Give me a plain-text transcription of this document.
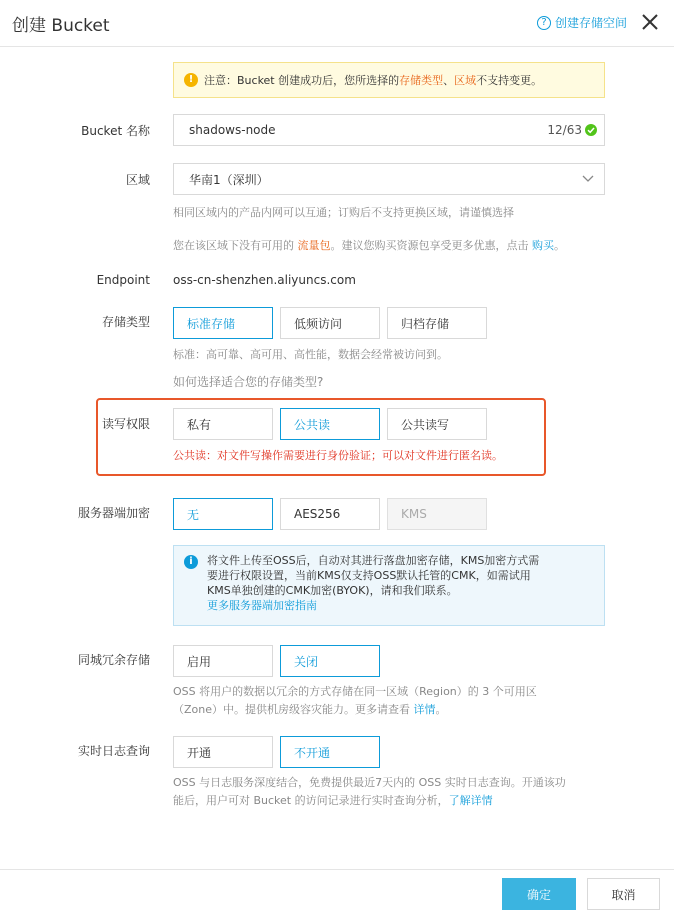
创建 Bucket	? 创建存储空间
! 注意：Bucket 创建成功后，您所选择的 存储类型 、 区域 不支持变更。
Bucket 名称	shadows-node	12/63
区域	华南1（深圳）
相同区域内的产品内网可以互通；订购后不支持更换区域，请谨慎选择
您在该区域下没有可用的 流量包。建议您购买资源包享受更多优惠，点击 购买。
Endpoint oss-cn-shenzhen.aliyuncs.com
存储类型	标准存储	低频访问	归档存储
标准：高可靠、高可用、高性能，数据会经常被访问到。
如何选择适合您的存储类型?
读写权限	私有	公共读	公共读写
公共读：对文件写操作需要进行身份验证；可以对文件进行匿名读。
服务器端加密	无	AES256	KMS
i	将文件上传至OSS后，自动对其进行落盘加密存储，KMS加密方式需
要进行权限设置，当前KMS仅支持OSS默认托管的CMK，如需试用
KMS单独创建的CMK加密(BYOK)，请和我们联系。
更多服务器端加密指南
同城冗余存储	启用	关闭
OSS 将用户的数据以冗余的方式存储在同一区域（Region）的 3 个可用区
（Zone）中。提供机房级容灾能力。更多请查看 详情。
实时日志查询	开通	不开通
OSS 与日志服务深度结合，免费提供最近7天内的 OSS 实时日志查询。开通该功
能后，用户可对 Bucket 的访问记录进行实时查询分析，了解详情
确定	取消
